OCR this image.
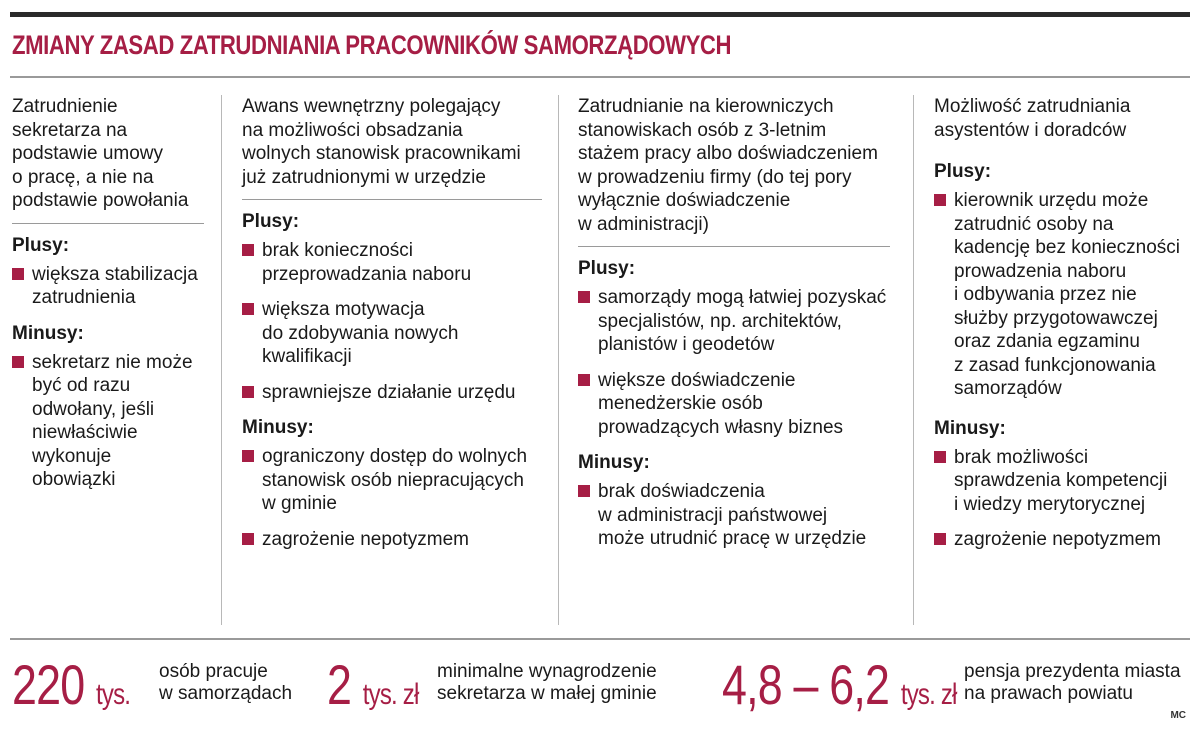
ZMIANY ZASAD ZATRUDNIANIA PRACOWNIKÓW SAMORZĄDOWYCH
Zatrudnienie
sekretarza na
podstawie umowy
o pracę, a nie na
podstawie powołania
Plusy:
większa stabilizacja
zatrudnienia
Minusy:
sekretarz nie może
być od razu
odwołany, jeśli
niewłaściwie
wykonuje
obowiązki
Awans wewnętrzny polegający
na możliwości obsadzania
wolnych stanowisk pracownikami
już zatrudnionymi w urzędzie
Plusy:
brak konieczności
przeprowadzania naboru
większa motywacja
do zdobywania nowych
kwalifikacji
sprawniejsze działanie urzędu
Minusy:
ograniczony dostęp do wolnych
stanowisk osób niepracujących
w gminie
zagrożenie nepotyzmem
Zatrudnianie na kierowniczych
stanowiskach osób z 3-letnim
stażem pracy albo doświadczeniem
w prowadzeniu firmy (do tej pory
wyłącznie doświadczenie
w administracji)
Plusy:
samorządy mogą łatwiej pozyskać
specjalistów, np. architektów,
planistów i geodetów
większe doświadczenie
menedżerskie osób
prowadzących własny biznes
Minusy:
brak doświadczenia
w administracji państwowej
może utrudnić pracę w urzędzie
Możliwość zatrudniania
asystentów i doradców
Plusy:
kierownik urzędu może
zatrudnić osoby na
kadencję bez konieczności
prowadzenia naboru
i odbywania przez nie
służby przygotowawczej
oraz zdania egzaminu
z zasad funkcjonowania
samorządów
Minusy:
brak możliwości
sprawdzenia kompetencji
i wiedzy merytorycznej
zagrożenie nepotyzmem
220 tys.
osób pracuje
w samorządach 2 tys. zł
minimalne wynagrodzenie
sekretarza w małej gminie 4,8 – 6,2 tys. zł
pensja prezydenta miasta
na prawach powiatu
MC
